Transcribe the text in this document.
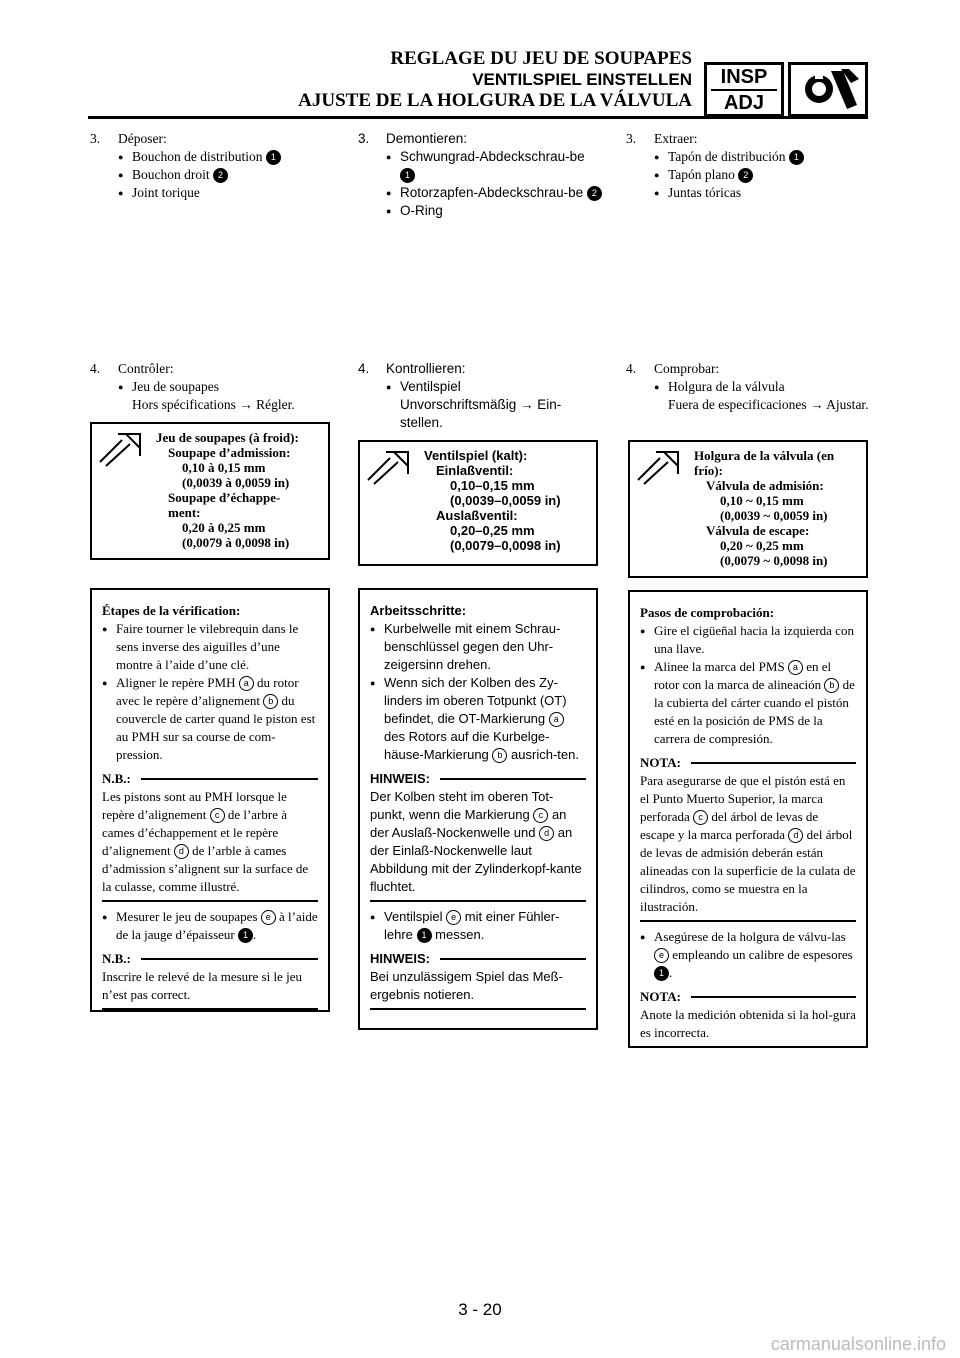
REGLAGE DU JEU DE SOUPAPES
VENTILSPIEL EINSTELLEN
AJUSTE DE LA HOLGURA DE LA VÁLVULA
INSP
ADJ
3. Déposer:
● Bouchon de distribution 1
● Bouchon droit 2
● Joint torique
4. Contrôler:
● Jeu de soupapes
Hors spécifications → Régler.
Jeu de soupapes (à froid):
Soupape d’admission:
0,10 à 0,15 mm
(0,0039 à 0,0059 in)
Soupape d’échappe-
ment:
0,20 à 0,25 mm
(0,0079 à 0,0098 in)

Étapes de la vérification:

● Faire tourner le vilebrequin dans le sens inverse des aiguilles d’une montre à l’aide d’une clé.
● Aligner le repère PMH a du rotor avec le repère d’alignement b du couvercle de carter quand le piston est au PMH sur sa course de com-pression.
N.B.:
Les pistons sont au PMH lorsque le repère d’alignement c de l’arbre à cames d’échappement et le repère d’alignement d de l’arble à cames d’admission s’alignent sur la surface de la culasse, comme illustré.
● Mesurer le jeu de soupapes e à l’aide de la jauge d’épaisseur 1 .
N.B.:
Inscrire le relevé de la mesure si le jeu n’est pas correct.
3. Demontieren:
● Schwungrad-Abdeckschrau-be 1
● Rotorzapfen-Abdeckschrau-be 2
● O-Ring
4. Kontrollieren:
● Ventilspiel
Unvorschriftsmäßig → Ein-stellen.
Ventilspiel (kalt):
Einlaßventil:
0,10–0,15 mm
(0,0039–0,0059 in)
Auslaßventil:
0,20–0,25 mm
(0,0079–0,0098 in)

Arbeitsschritte:

● Kurbelwelle mit einem Schrau-benschlüssel gegen den Uhr-zeigersinn drehen.
● Wenn sich der Kolben des Zy-linders im oberen Totpunkt (OT) befindet, die OT-Markierung a des Rotors auf die Kurbelge-häuse-Markierung b ausrich-ten.
HINWEIS:
Der Kolben steht im oberen Tot-punkt, wenn die Markierung c an der Auslaß-Nockenwelle und d an der Einlaß-Nockenwelle laut Abbildung mit der Zylinderkopf-kante fluchtet.
● Ventilspiel e mit einer Fühler-lehre 1 messen.
HINWEIS:
Bei unzulässigem Spiel das Meß-ergebnis notieren.
3. Extraer:
● Tapón de distribución 1
● Tapón plano 2
● Juntas tóricas
4. Comprobar:
● Holgura de la válvula
Fuera de especificaciones → Ajustar.
Holgura de la válvula (en frío):
Válvula de admisión:
0,10 ~ 0,15 mm
(0,0039 ~ 0,0059 in)
Válvula de escape:
0,20 ~ 0,25 mm
(0,0079 ~ 0,0098 in)

Pasos de comprobación:

● Gire el cigüeñal hacia la izquierda con una llave.
● Alinee la marca del PMS a en el rotor con la marca de alineación b de la cubierta del cárter cuando el pistón esté en la posición de PMS de la carrera de compresión.
NOTA:
Para asegurarse de que el pistón está en el Punto Muerto Superior, la marca perforada c del árbol de levas de escape y la marca perforada d del árbol de levas de admisión deberán están alineadas con la superficie de la culata de cilindros, como se muestra en la ilustración.
● Asegúrese de la holgura de válvu-las e empleando un calibre de espesores 1 .
NOTA:
Anote la medición obtenida si la hol-gura es incorrecta.
3 - 20
carmanualsonline.info
